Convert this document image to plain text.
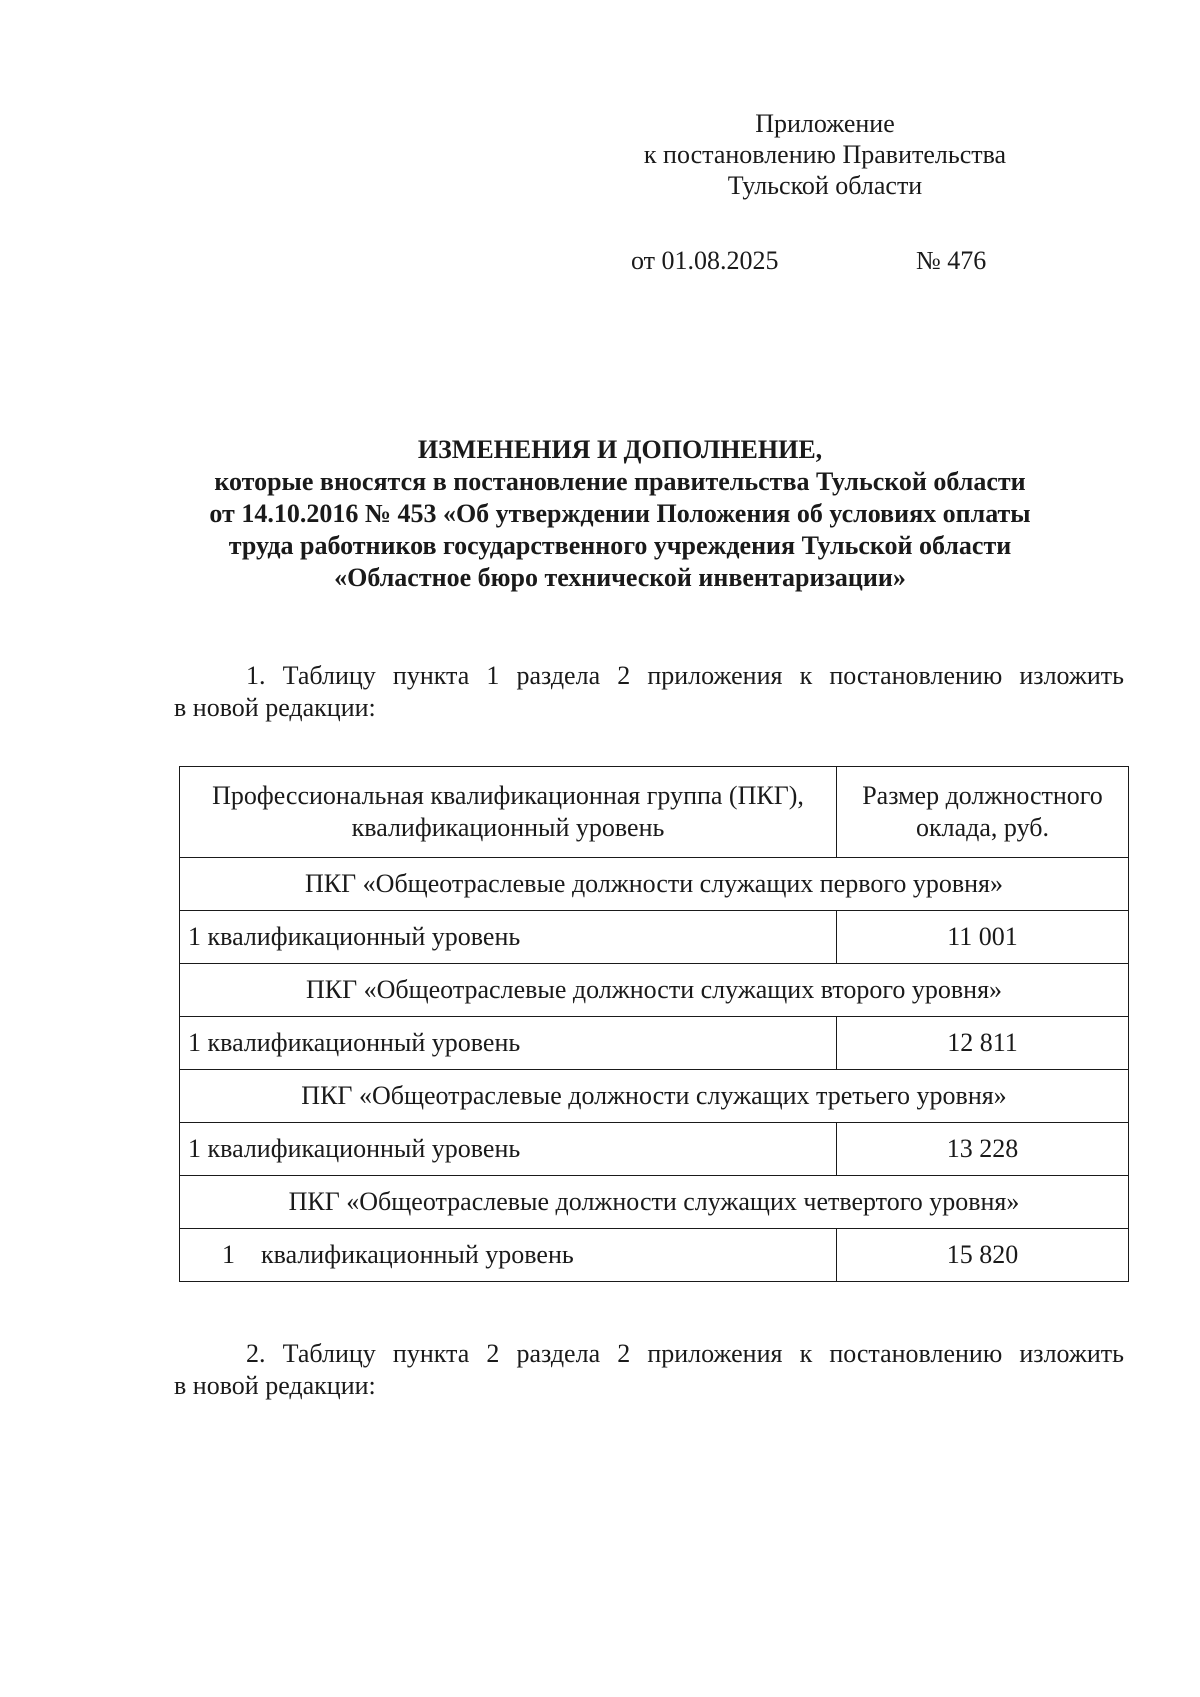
Приложение
к постановлению Правительства
Тульской области
от 01.08.2025	№ 476
ИЗМЕНЕНИЯ И ДОПОЛНЕНИЕ,
которые вносятся в постановление правительства Тульской области
от 14.10.2016 № 453 «Об утверждении Положения об условиях оплаты
труда работников государственного учреждения Тульской области
«Областное бюро технической инвентаризации»
1. Таблицу пункта 1 раздела 2 приложения к постановлению изложить
в новой редакции:
Профессиональная квалификационная группа (ПКГ), квалификационный уровень	Размер должностного оклада, руб.
ПКГ «Общеотраслевые должности служащих первого уровня»	
1 квалификационный уровень	11 001
ПКГ «Общеотраслевые должности служащих второго уровня»	
1 квалификационный уровень	12 811
ПКГ «Общеотраслевые должности служащих третьего уровня»	
1 квалификационный уровень	13 228
ПКГ «Общеотраслевые должности служащих четвертого уровня»	
1    квалификационный уровень	15 820
2. Таблицу пункта 2 раздела 2 приложения к постановлению изложить
в новой редакции:
